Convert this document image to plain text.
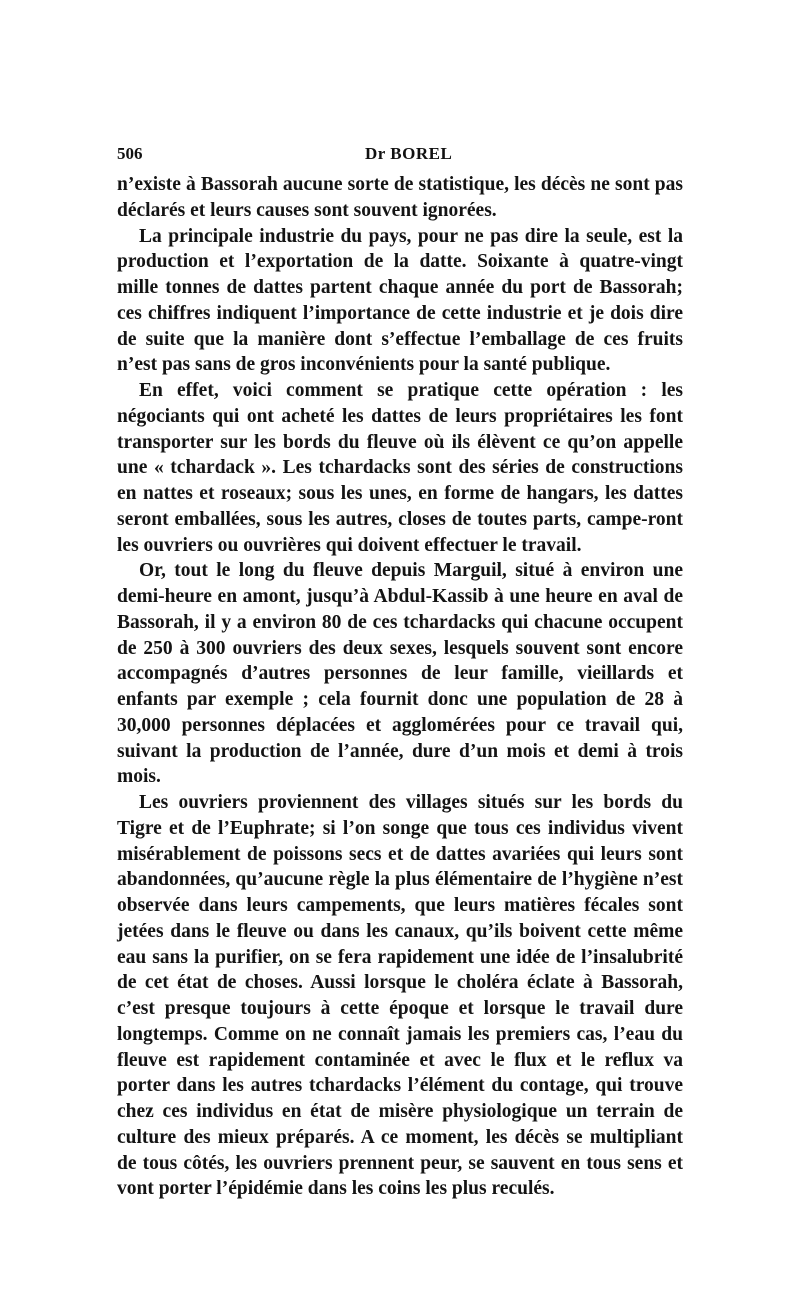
506	Dr BOREL

n’existe à Bassorah aucune sorte de statistique, les décès ne sont pas déclarés et leurs causes sont souvent ignorées.

La principale industrie du pays, pour ne pas dire la seule, est la production et l’exportation de la datte. Soixante à quatre-vingt mille tonnes de dattes partent chaque année du port de Bassorah; ces chiffres indiquent l’importance de cette industrie et je dois dire de suite que la manière dont s’effectue l’emballage de ces fruits n’est pas sans de gros inconvénients pour la santé publique.

En effet, voici comment se pratique cette opération : les négociants qui ont acheté les dattes de leurs propriétaires les font transporter sur les bords du fleuve où ils élèvent ce qu’on appelle une « tchardack ». Les tchardacks sont des séries de constructions en nattes et roseaux; sous les unes, en forme de hangars, les dattes seront emballées, sous les autres, closes de toutes parts, campe-ront les ouvriers ou ouvrières qui doivent effectuer le travail.

Or, tout le long du fleuve depuis Marguil, situé à environ une demi-heure en amont, jusqu’à Abdul-Kassib à une heure en aval de Bassorah, il y a environ 80 de ces tchardacks qui chacune occupent de 250 à 300 ouvriers des deux sexes, lesquels souvent sont encore accompagnés d’autres personnes de leur famille, vieillards et enfants par exemple ; cela fournit donc une population de 28 à 30,000 personnes déplacées et agglomérées pour ce travail qui, suivant la production de l’année, dure d’un mois et demi à trois mois.

Les ouvriers proviennent des villages situés sur les bords du Tigre et de l’Euphrate; si l’on songe que tous ces individus vivent misérablement de poissons secs et de dattes avariées qui leurs sont abandonnées, qu’aucune règle la plus élémentaire de l’hygiène n’est observée dans leurs campements, que leurs matières fécales sont jetées dans le fleuve ou dans les canaux, qu’ils boivent cette même eau sans la purifier, on se fera rapidement une idée de l’insalubrité de cet état de choses. Aussi lorsque le choléra éclate à Bassorah, c’est presque toujours à cette époque et lorsque le travail dure longtemps. Comme on ne connaît jamais les premiers cas, l’eau du fleuve est rapidement contaminée et avec le flux et le reflux va porter dans les autres tchardacks l’élément du contage, qui trouve chez ces individus en état de misère physiologique un terrain de culture des mieux préparés. A ce moment, les décès se multipliant de tous côtés, les ouvriers prennent peur, se sauvent en tous sens et vont porter l’épidémie dans les coins les plus reculés.
